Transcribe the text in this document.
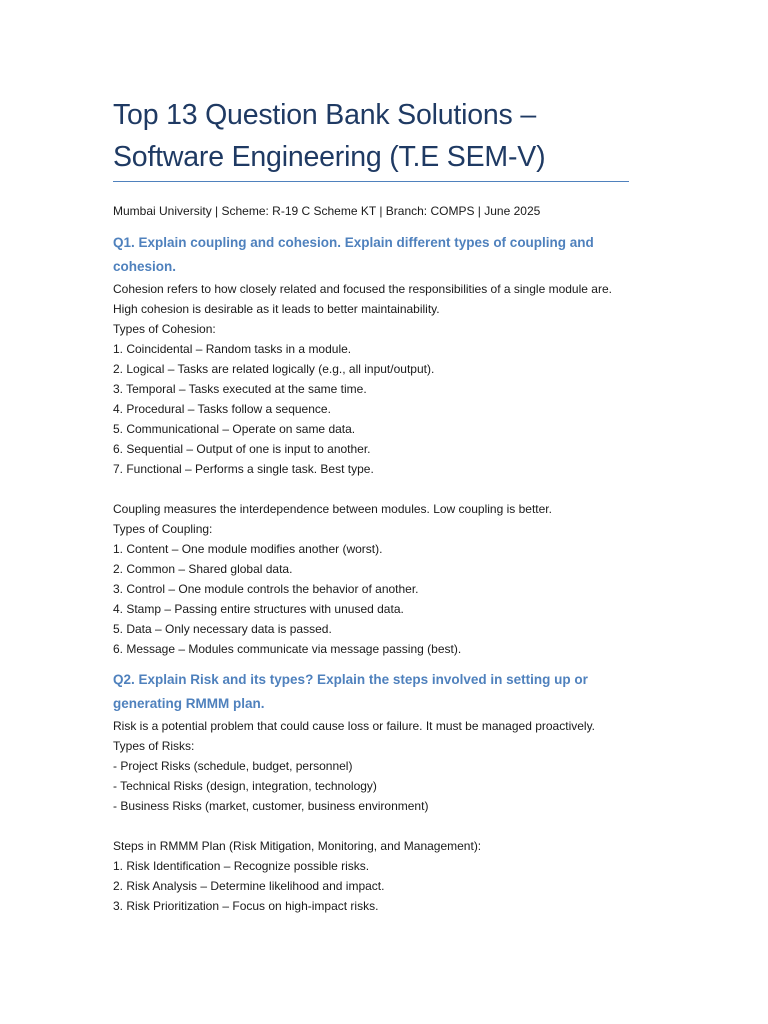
Top 13 Question Bank Solutions –
Software Engineering (T.E SEM-V)
Mumbai University | Scheme: R-19 C Scheme KT | Branch: COMPS | June 2025
Q1. Explain coupling and cohesion. Explain different types of coupling and
cohesion.
Cohesion refers to how closely related and focused the responsibilities of a single module are.
High cohesion is desirable as it leads to better maintainability.
Types of Cohesion:
1. Coincidental – Random tasks in a module.
2. Logical – Tasks are related logically (e.g., all input/output).
3. Temporal – Tasks executed at the same time.
4. Procedural – Tasks follow a sequence.
5. Communicational – Operate on same data.
6. Sequential – Output of one is input to another.
7. Functional – Performs a single task. Best type.
Coupling measures the interdependence between modules. Low coupling is better.
Types of Coupling:
1. Content – One module modifies another (worst).
2. Common – Shared global data.
3. Control – One module controls the behavior of another.
4. Stamp – Passing entire structures with unused data.
5. Data – Only necessary data is passed.
6. Message – Modules communicate via message passing (best).
Q2. Explain Risk and its types? Explain the steps involved in setting up or
generating RMMM plan.
Risk is a potential problem that could cause loss or failure. It must be managed proactively.
Types of Risks:
- Project Risks (schedule, budget, personnel)
- Technical Risks (design, integration, technology)
- Business Risks (market, customer, business environment)
Steps in RMMM Plan (Risk Mitigation, Monitoring, and Management):
1. Risk Identification – Recognize possible risks.
2. Risk Analysis – Determine likelihood and impact.
3. Risk Prioritization – Focus on high-impact risks.
